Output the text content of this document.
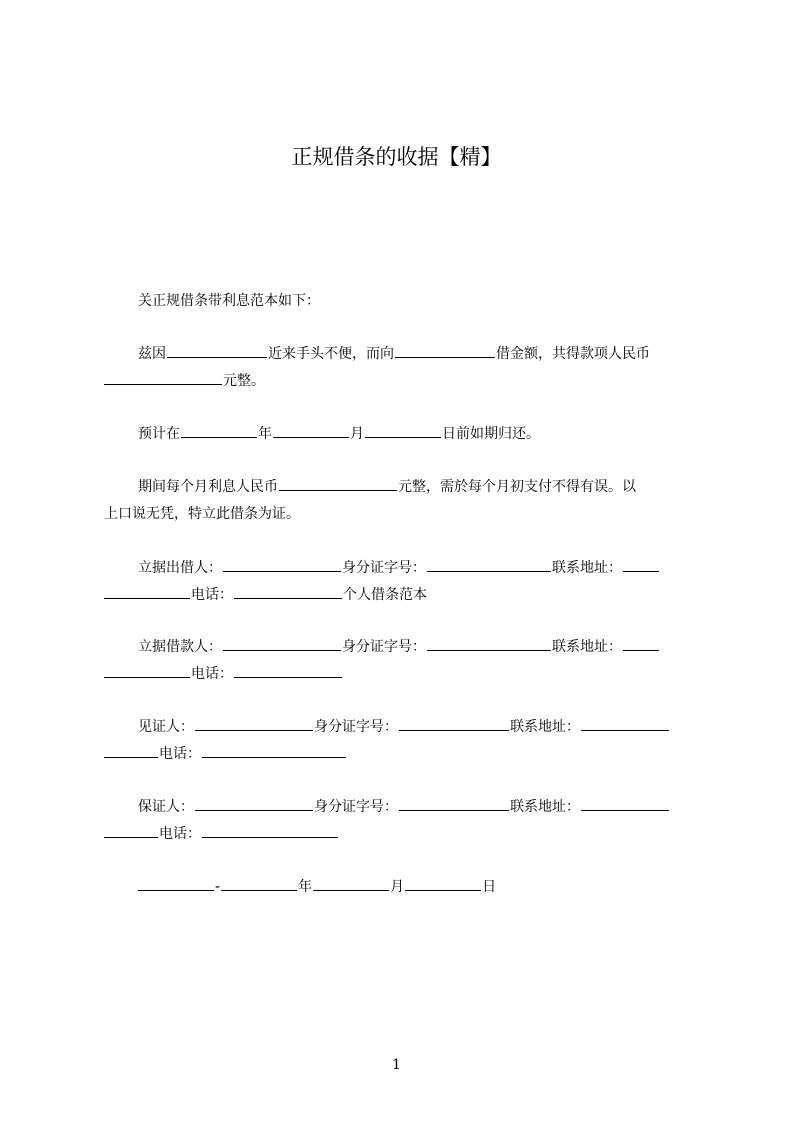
正规借条的收据【精】
关正规借条带利息范本如下：
兹因	近来手头不便，而向	借金额，共得款项人民币
元整。
预计在	年	月	日前如期归还。
期间每个月利息人民币	元整，需於每个月初支付不得有误。以
上口说无凭，特立此借条为证。
立据出借人：	身分证字号：	联系地址：
电话：	个人借条范本
立据借款人：	身分证字号：	联系地址：
电话：
见证人：	身分证字号：	联系地址：
电话：
保证人：	身分证字号：	联系地址：
电话：
-	年	月	日
1
